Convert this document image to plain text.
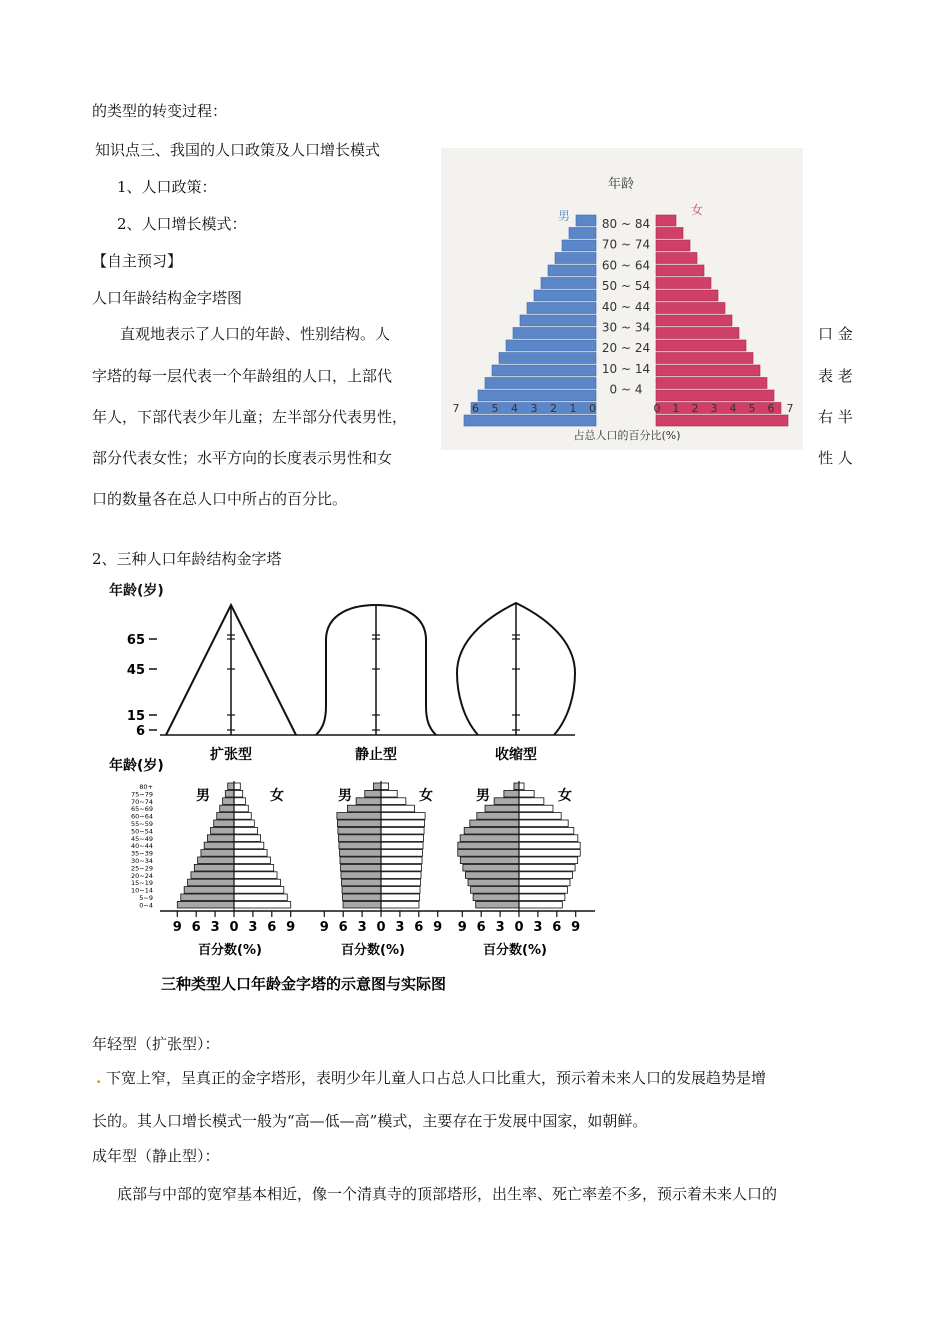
的类型的转变过程：
知识点三、我国的人口政策及人口增长模式
1、人口政策：
2、人口增长模式：
【自主预习】
人口年龄结构金字塔图
直观地表示了人口的年龄、性别结构。人	口 金
字塔的每一层代表一个年龄组的人口，上部代	表 老
年人，下部代表少年儿童；左半部分代表男性，	右 半
部分代表女性；水平方向的长度表示男性和女	性 人
口的数量各在总人口中所占的百分比。
2、三种人口年龄结构金字塔
年龄
男	女
80 ~ 84
70 ~ 74
60 ~ 64
50 ~ 54
40 ~ 44
30 ~ 34
20 ~ 24
10 ~ 14
0 ~ 4
7 6 5 4 3 2 1 0	0 1 2 3 4 5 6 7
占总人口的百分比(%)
年龄(岁)
65
45
15
6
扩张型	静止型	收缩型
年龄(岁)
80+
75~79
70~74
65~69
60~64
55~59
50~54
45~49
40~44
35~39
30~34
25~29
20~24
15~19
10~14
5~9
0~4
男	女	男	女	男	女
9 6 3 0 3 6 9 9 6 3 0 3 6 9 9 6 3 0 3 6 9
百分数(%)	百分数(%)	百分数(%)
三种类型人口年龄金字塔的示意图与实际图
年轻型（扩张型）：
. 下宽上窄，呈真正的金字塔形，表明少年儿童人口占总人口比重大，预示着未来人口的发展趋势是增
长的。其人口增长模式一般为“高—低—高”模式，主要存在于发展中国家，如朝鲜。
成年型（静止型）：
底部与中部的宽窄基本相近，像一个清真寺的顶部塔形，出生率、死亡率差不多，预示着未来人口的
